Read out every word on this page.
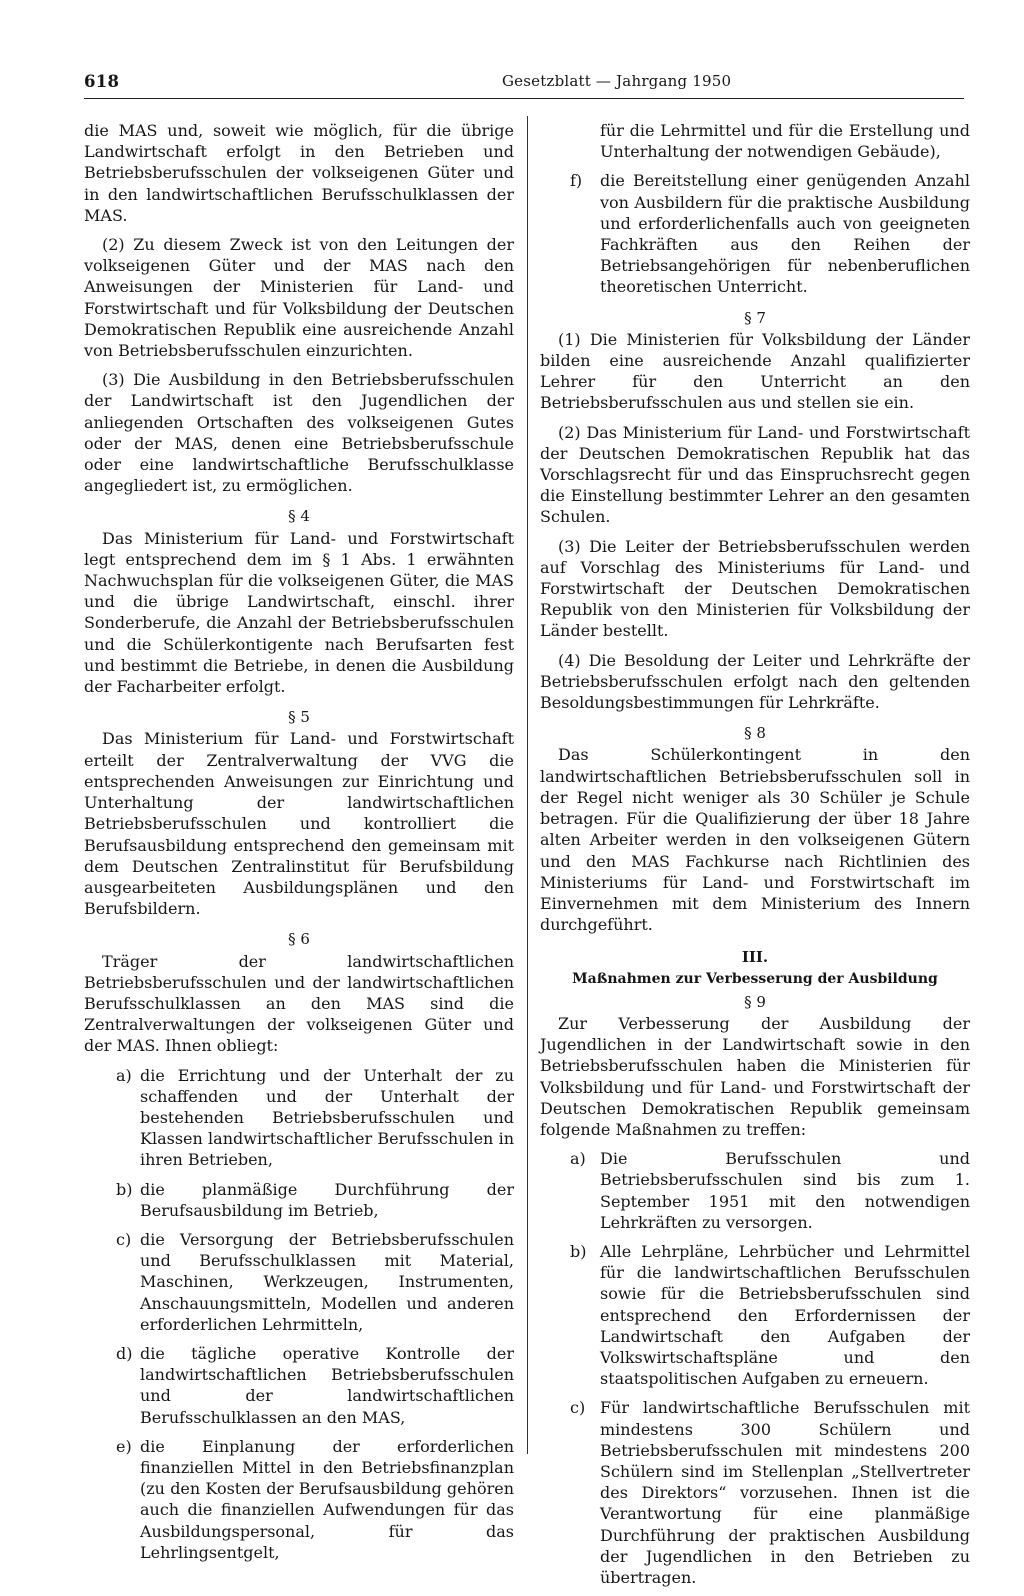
618	Gesetzblatt — Jahrgang 1950

die MAS und, soweit wie möglich, für die übrige Landwirtschaft erfolgt in den Betrieben und Betriebsberufsschulen der volkseigenen Güter und in den landwirtschaftlichen Berufsschulklassen der MAS.

(2) Zu diesem Zweck ist von den Leitungen der volkseigenen Güter und der MAS nach den Anweisungen der Ministerien für Land- und Forstwirtschaft und für Volksbildung der Deutschen Demokratischen Republik eine ausreichende Anzahl von Betriebsberufsschulen einzurichten.

(3) Die Ausbildung in den Betriebsberufsschulen der Landwirtschaft ist den Jugendlichen der anliegenden Ortschaften des volkseigenen Gutes oder der MAS, denen eine Betriebsberufsschule oder eine landwirtschaftliche Berufsschulklasse angegliedert ist, zu ermöglichen.

§ 4

Das Ministerium für Land- und Forstwirtschaft legt entsprechend dem im § 1 Abs. 1 erwähnten Nachwuchsplan für die volkseigenen Güter, die MAS und die übrige Landwirtschaft, einschl. ihrer Sonderberufe, die Anzahl der Betriebsberufsschulen und die Schülerkontigente nach Berufsarten fest und bestimmt die Betriebe, in denen die Ausbildung der Facharbeiter erfolgt.

§ 5

Das Ministerium für Land- und Forstwirtschaft erteilt der Zentralverwaltung der VVG die entsprechenden Anweisungen zur Einrichtung und Unterhaltung der landwirtschaftlichen Betriebsberufsschulen und kontrolliert die Berufsausbildung entsprechend den gemeinsam mit dem Deutschen Zentralinstitut für Berufsbildung ausgearbeiteten Ausbildungsplänen und den Berufsbildern.

§ 6

Träger der landwirtschaftlichen Betriebsberufsschulen und der landwirtschaftlichen Berufsschulklassen an den MAS sind die Zentralverwaltungen der volkseigenen Güter und der MAS. Ihnen obliegt:

a) die Errichtung und der Unterhalt der zu schaffenden und der Unterhalt der bestehenden Betriebsberufsschulen und Klassen landwirtschaftlicher Berufsschulen in ihren Betrieben,
b) die planmäßige Durchführung der Berufsausbildung im Betrieb,
c) die Versorgung der Betriebsberufsschulen und Berufsschulklassen mit Material, Maschinen, Werkzeugen, Instrumenten, Anschauungsmitteln, Modellen und anderen erforderlichen Lehrmitteln,
d) die tägliche operative Kontrolle der landwirtschaftlichen Betriebsberufsschulen und der landwirtschaftlichen Berufsschulklassen an den MAS,
e) die Einplanung der erforderlichen finanziellen Mittel in den Betriebsfinanzplan (zu den Kosten der Berufsausbildung gehören auch die finanziellen Aufwendungen für das Ausbildungspersonal, für das Lehrlingsentgelt,
für die Lehrmittel und für die Erstellung und Unterhaltung der notwendigen Gebäude),
f) die Bereitstellung einer genügenden Anzahl von Ausbildern für die praktische Ausbildung und erforderlichenfalls auch von geeigneten Fachkräften aus den Reihen der Betriebsangehörigen für nebenberuflichen theoretischen Unterricht.
§ 7

(1) Die Ministerien für Volksbildung der Länder bilden eine ausreichende Anzahl qualifizierter Lehrer für den Unterricht an den Betriebsberufsschulen aus und stellen sie ein.

(2) Das Ministerium für Land- und Forstwirtschaft der Deutschen Demokratischen Republik hat das Vorschlagsrecht für und das Einspruchsrecht gegen die Einstellung bestimmter Lehrer an den gesamten Schulen.

(3) Die Leiter der Betriebsberufsschulen werden auf Vorschlag des Ministeriums für Land- und Forstwirtschaft der Deutschen Demokratischen Republik von den Ministerien für Volksbildung der Länder bestellt.

(4) Die Besoldung der Leiter und Lehrkräfte der Betriebsberufsschulen erfolgt nach den geltenden Besoldungsbestimmungen für Lehrkräfte.

§ 8

Das Schülerkontingent in den landwirtschaftlichen Betriebsberufsschulen soll in der Regel nicht weniger als 30 Schüler je Schule betragen. Für die Qualifizierung der über 18 Jahre alten Arbeiter werden in den volkseigenen Gütern und den MAS Fachkurse nach Richtlinien des Ministeriums für Land- und Forstwirtschaft im Einvernehmen mit dem Ministerium des Innern durchgeführt.

III.
Maßnahmen zur Verbesserung der Ausbildung
§ 9

Zur Verbesserung der Ausbildung der Jugendlichen in der Landwirtschaft sowie in den Betriebsberufsschulen haben die Ministerien für Volksbildung und für Land- und Forstwirtschaft der Deutschen Demokratischen Republik gemeinsam folgende Maßnahmen zu treffen:

a) Die Berufsschulen und Betriebsberufsschulen sind bis zum 1. September 1951 mit den notwendigen Lehrkräften zu versorgen.
b) Alle Lehrpläne, Lehrbücher und Lehrmittel für die landwirtschaftlichen Berufsschulen sowie für die Betriebsberufsschulen sind entsprechend den Erfordernissen der Landwirtschaft den Aufgaben der Volkswirtschaftspläne und den staatspolitischen Aufgaben zu erneuern.
c) Für landwirtschaftliche Berufsschulen mit mindestens 300 Schülern und Betriebsberufsschulen mit mindestens 200 Schülern sind im Stellenplan „Stellvertreter des Direktors“ vorzusehen. Ihnen ist die Verantwortung für eine planmäßige Durchführung der praktischen Ausbildung der Jugendlichen in den Betrieben zu übertragen.
